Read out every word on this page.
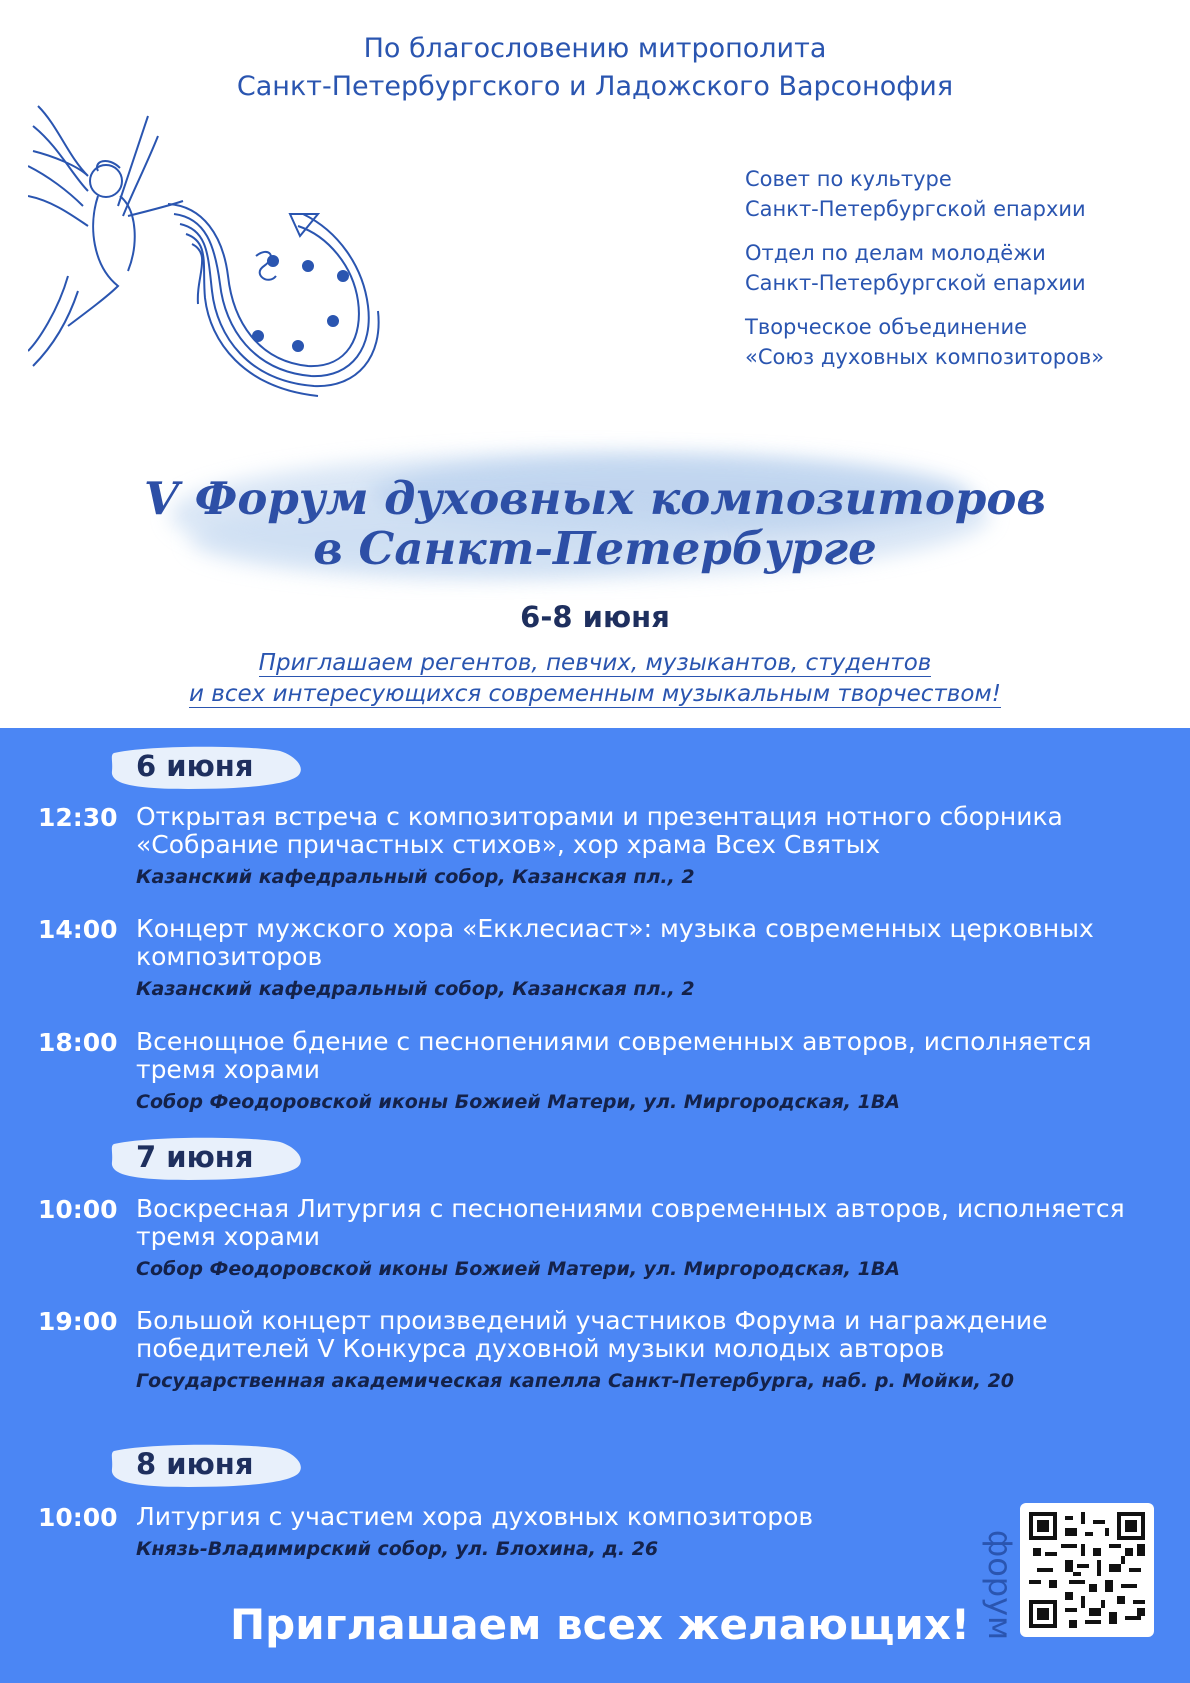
По благословению митрополита
Санкт-Петербургского и Ладожского Варсонофия
Совет по культуре
Санкт-Петербургской епархии
Отдел по делам молодёжи
Санкт-Петербургской епархии
Творческое объединение
«Союз духовных композиторов»
V Форум духовных композиторов
в Санкт-Петербурге
6-8 июня
Приглашаем регентов, певчих, музыкантов, студентов
и всех интересующихся современным музыкальным творчеством!
6 июня
12:30 Открытая встреча с композиторами и презентация нотного сборника «Собрание причастных стихов», хор храма Всех Святых
Казанский кафедральный собор, Казанская пл., 2
14:00 Концерт мужского хора «Екклесиаст»: музыка современных церковных композиторов
Казанский кафедральный собор, Казанская пл., 2
18:00 Всенощное бдение с песнопениями современных авторов, исполняется тремя хорами
Собор Феодоровской иконы Божией Матери, ул. Миргородская, 1ВА
7 июня
10:00 Воскресная Литургия с песнопениями современных авторов, исполняется тремя хорами
Собор Феодоровской иконы Божией Матери, ул. Миргородская, 1ВА
19:00 Большой концерт произведений участников Форума и награждение победителей V Конкурса духовной музыки молодых авторов
Государственная академическая капелла Санкт-Петербурга, наб. р. Мойки, 20
8 июня
10:00 Литургия с участием хора духовных композиторов
Князь-Владимирский собор, ул. Блохина, д. 26	форум
Приглашаем всех желающих!
